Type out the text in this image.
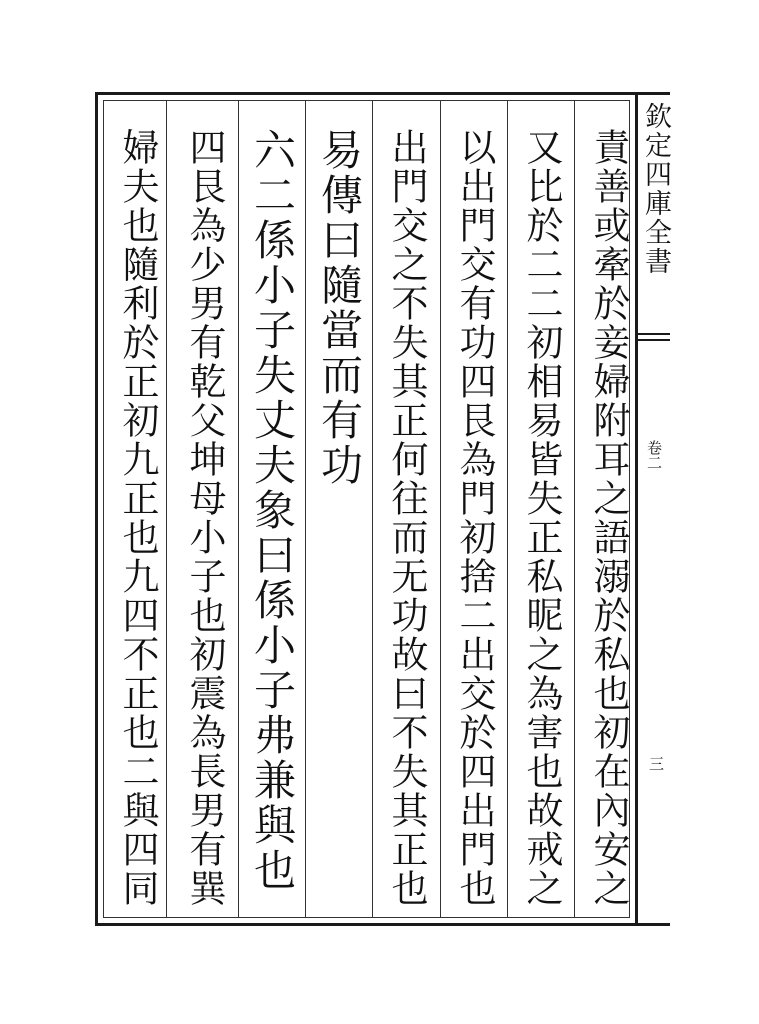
欽定四庫全書
卷二
三
責善或牽於妾婦附耳之語溺於私也初在內安之
又比於二二初相易皆失正私昵之為害也故戒之
以出門交有功四艮為門初捨二出交於四出門也
出門交之不失其正何往而无功故曰不失其正也
易傳曰隨當而有功
六二係小子失丈夫象曰係小子弗兼與也
四艮為少男有乾父坤母小子也初震為長男有巽
婦夫也隨利於正初九正也九四不正也二與四同
